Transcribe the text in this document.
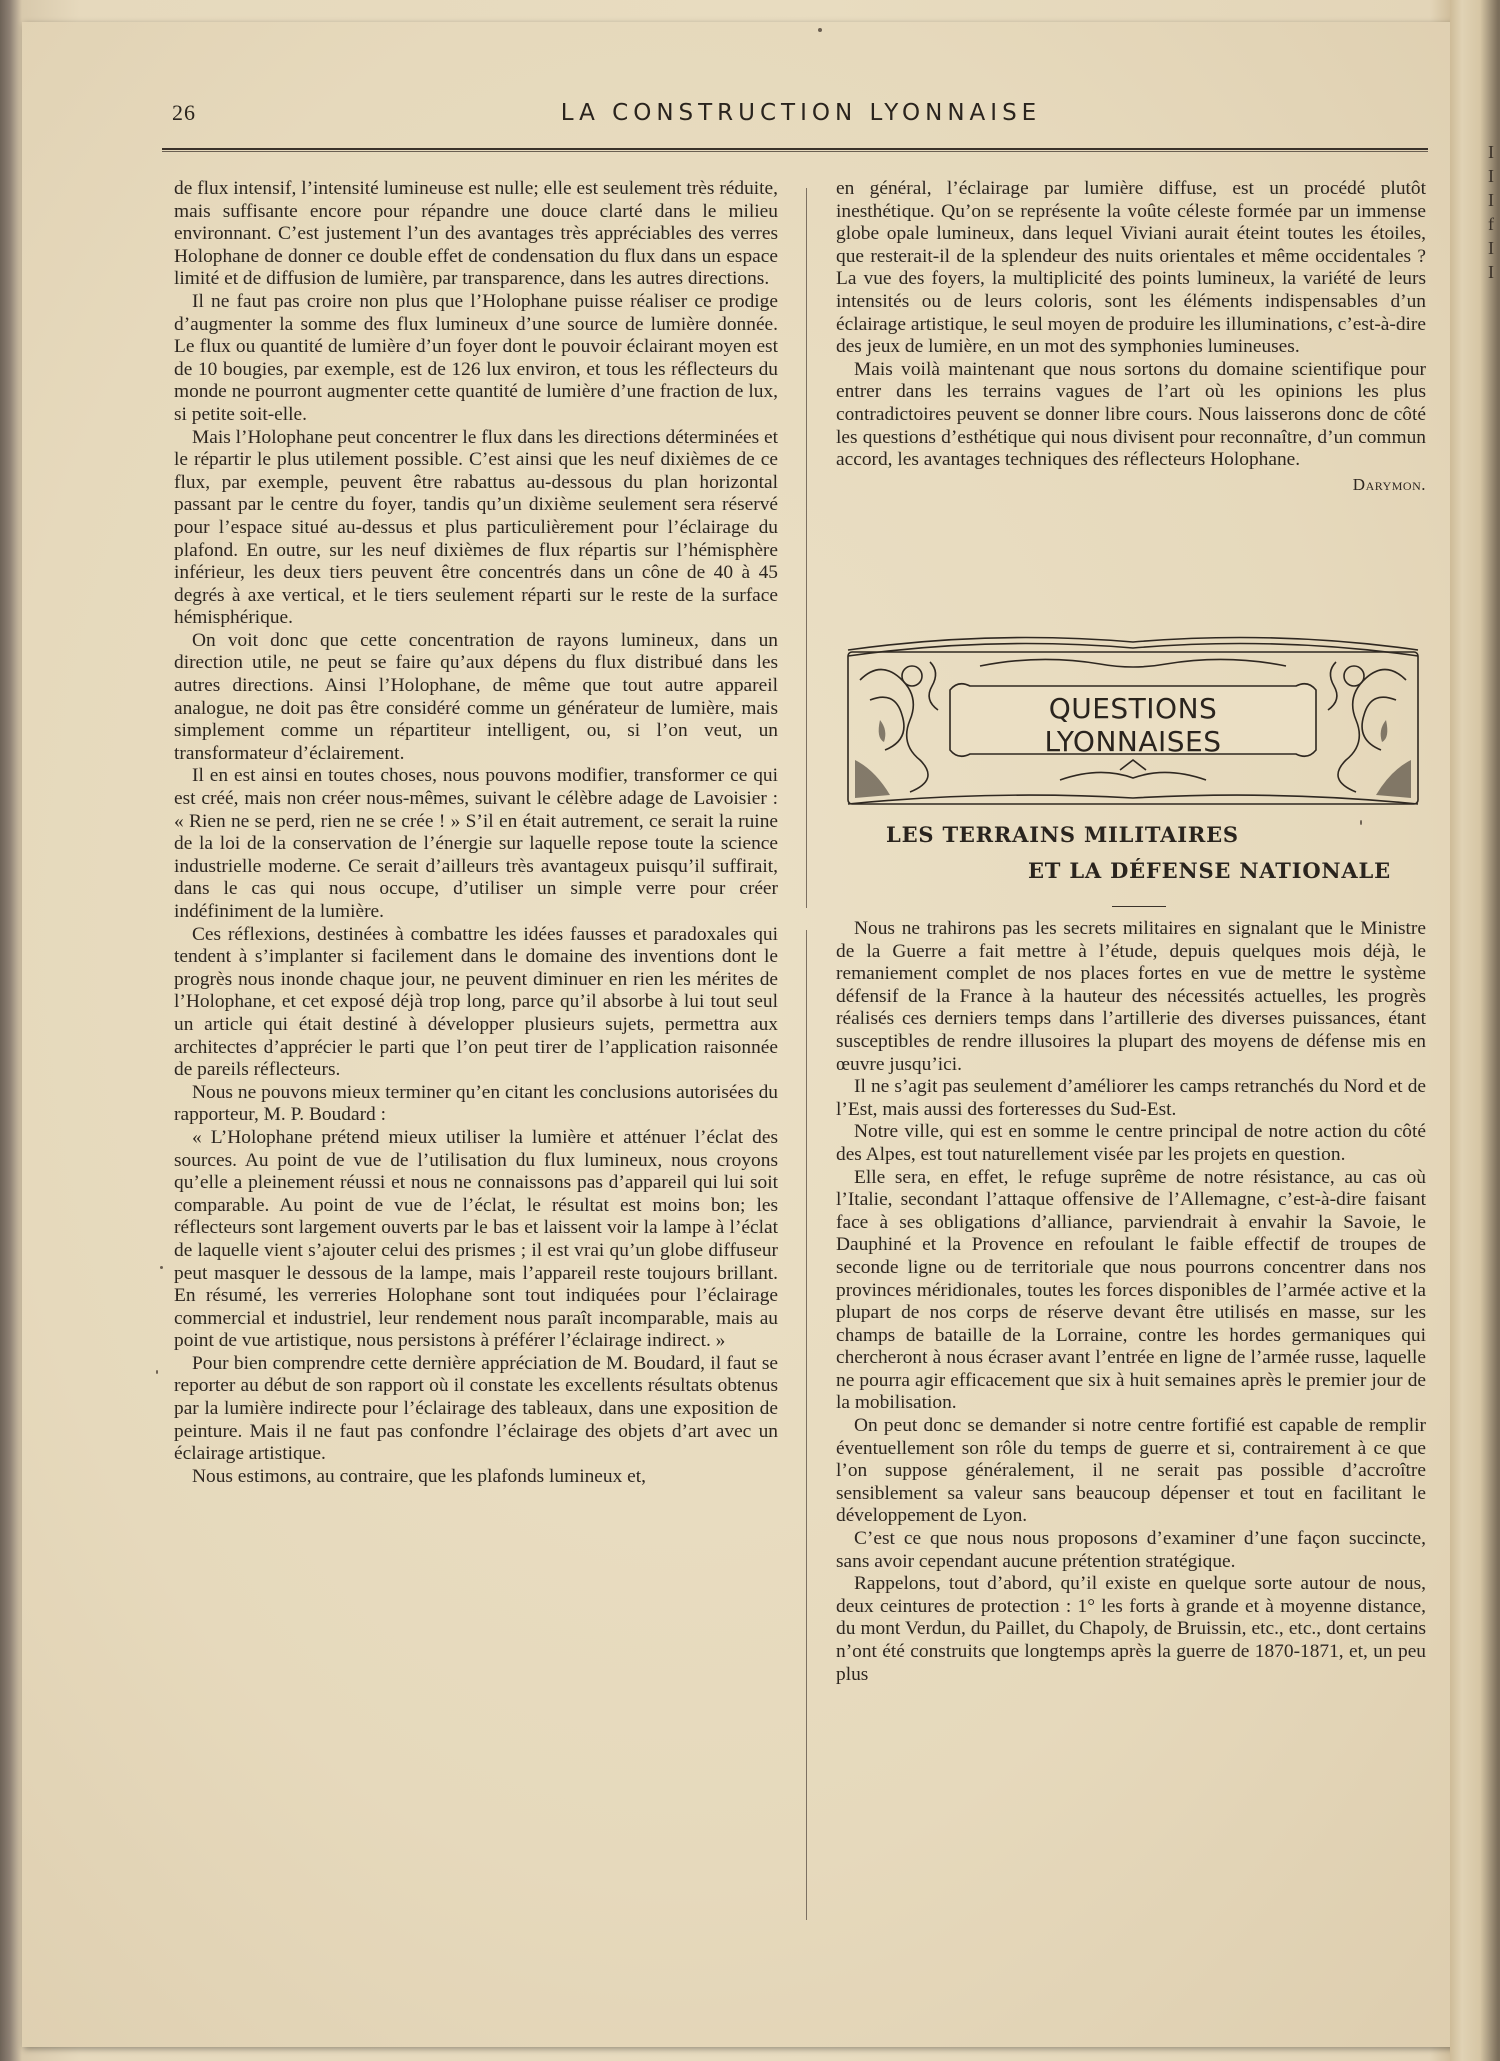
I
I
I
f
I
I
26	LA CONSTRUCTION LYONNAISE

de flux intensif, l’intensité lumineuse est nulle; elle est seulement très réduite, mais suffisante encore pour répandre une douce clarté dans le milieu environnant. C’est justement l’un des avantages très appréciables des verres Holophane de donner ce double effet de condensation du flux dans un espace limité et de diffusion de lumière, par transparence, dans les autres directions.

Il ne faut pas croire non plus que l’Holophane puisse réaliser ce prodige d’augmenter la somme des flux lumineux d’une source de lumière donnée. Le flux ou quantité de lumière d’un foyer dont le pouvoir éclairant moyen est de 10 bougies, par exemple, est de 126 lux environ, et tous les réflecteurs du monde ne pourront augmenter cette quantité de lumière d’une fraction de lux, si petite soit-elle.

Mais l’Holophane peut concentrer le flux dans les directions déterminées et le répartir le plus utilement possible. C’est ainsi que les neuf dixièmes de ce flux, par exemple, peuvent être rabattus au-dessous du plan horizontal passant par le centre du foyer, tandis qu’un dixième seulement sera réservé pour l’espace situé au-dessus et plus particulièrement pour l’éclairage du plafond. En outre, sur les neuf dixièmes de flux répartis sur l’hémisphère inférieur, les deux tiers peuvent être concentrés dans un cône de 40 à 45 degrés à axe vertical, et le tiers seulement réparti sur le reste de la surface hémisphérique.

On voit donc que cette concentration de rayons lumineux, dans un direction utile, ne peut se faire qu’aux dépens du flux distribué dans les autres directions. Ainsi l’Holophane, de même que tout autre appareil analogue, ne doit pas être considéré comme un générateur de lumière, mais simplement comme un répartiteur intelligent, ou, si l’on veut, un transformateur d’éclairement.

Il en est ainsi en toutes choses, nous pouvons modifier, transformer ce qui est créé, mais non créer nous-mêmes, suivant le célèbre adage de Lavoisier : « Rien ne se perd, rien ne se crée ! » S’il en était autrement, ce serait la ruine de la loi de la conservation de l’énergie sur laquelle repose toute la science industrielle moderne. Ce serait d’ailleurs très avantageux puisqu’il suffirait, dans le cas qui nous occupe, d’utiliser un simple verre pour créer indéfiniment de la lumière.

Ces réflexions, destinées à combattre les idées fausses et paradoxales qui tendent à s’implanter si facilement dans le domaine des inventions dont le progrès nous inonde chaque jour, ne peuvent diminuer en rien les mérites de l’Holophane, et cet exposé déjà trop long, parce qu’il absorbe à lui tout seul un article qui était destiné à développer plusieurs sujets, permettra aux architectes d’apprécier le parti que l’on peut tirer de l’application raisonnée de pareils réflecteurs.

Nous ne pouvons mieux terminer qu’en citant les conclusions autorisées du rapporteur, M. P. Boudard :

« L’Holophane prétend mieux utiliser la lumière et atténuer l’éclat des sources. Au point de vue de l’utilisation du flux lumineux, nous croyons qu’elle a pleinement réussi et nous ne connaissons pas d’appareil qui lui soit comparable. Au point de vue de l’éclat, le résultat est moins bon; les réflecteurs sont largement ouverts par le bas et laissent voir la lampe à l’éclat de laquelle vient s’ajouter celui des prismes ; il est vrai qu’un globe diffuseur peut masquer le dessous de la lampe, mais l’appareil reste toujours brillant. En résumé, les verreries Holophane sont tout indiquées pour l’éclairage commercial et industriel, leur rendement nous paraît incomparable, mais au point de vue artistique, nous persistons à préférer l’éclairage indirect. »

Pour bien comprendre cette dernière appréciation de M. Boudard, il faut se reporter au début de son rapport où il constate les excellents résultats obtenus par la lumière indirecte pour l’éclairage des tableaux, dans une exposition de peinture. Mais il ne faut pas confondre l’éclairage des objets d’art avec un éclairage artistique.

Nous estimons, au contraire, que les plafonds lumineux et,

en général, l’éclairage par lumière diffuse, est un procédé plutôt inesthétique. Qu’on se représente la voûte céleste formée par un immense globe opale lumineux, dans lequel Viviani aurait éteint toutes les étoiles, que resterait-il de la splendeur des nuits orientales et même occidentales ? La vue des foyers, la multiplicité des points lumineux, la variété de leurs intensités ou de leurs coloris, sont les éléments indispensables d’un éclairage artistique, le seul moyen de produire les illuminations, c’est-à-dire des jeux de lumière, en un mot des symphonies lumineuses.

Mais voilà maintenant que nous sortons du domaine scientifique pour entrer dans les terrains vagues de l’art où les opinions les plus contradictoires peuvent se donner libre cours. Nous laisserons donc de côté les questions d’esthétique qui nous divisent pour reconnaître, d’un commun accord, les avantages techniques des réflecteurs Holophane.

Darymon.
QUESTIONS LYONNAISES
LES TERRAINS MILITAIRES
ET LA DÉFENSE NATIONALE

Nous ne trahirons pas les secrets militaires en signalant que le Ministre de la Guerre a fait mettre à l’étude, depuis quelques mois déjà, le remaniement complet de nos places fortes en vue de mettre le système défensif de la France à la hauteur des nécessités actuelles, les progrès réalisés ces derniers temps dans l’artillerie des diverses puissances, étant susceptibles de rendre illusoires la plupart des moyens de défense mis en œuvre jusqu’ici.

Il ne s’agit pas seulement d’améliorer les camps retranchés du Nord et de l’Est, mais aussi des forteresses du Sud-Est.

Notre ville, qui est en somme le centre principal de notre action du côté des Alpes, est tout naturellement visée par les projets en question.

Elle sera, en effet, le refuge suprême de notre résistance, au cas où l’Italie, secondant l’attaque offensive de l’Allemagne, c’est-à-dire faisant face à ses obligations d’alliance, parviendrait à envahir la Savoie, le Dauphiné et la Provence en refoulant le faible effectif de troupes de seconde ligne ou de territoriale que nous pourrons concentrer dans nos provinces méridionales, toutes les forces disponibles de l’armée active et la plupart de nos corps de réserve devant être utilisés en masse, sur les champs de bataille de la Lorraine, contre les hordes germaniques qui chercheront à nous écraser avant l’entrée en ligne de l’armée russe, laquelle ne pourra agir efficacement que six à huit semaines après le premier jour de la mobilisation.

On peut donc se demander si notre centre fortifié est capable de remplir éventuellement son rôle du temps de guerre et si, contrairement à ce que l’on suppose généralement, il ne serait pas possible d’accroître sensiblement sa valeur sans beaucoup dépenser et tout en facilitant le développement de Lyon.

C’est ce que nous nous proposons d’examiner d’une façon succincte, sans avoir cependant aucune prétention stratégique.

Rappelons, tout d’abord, qu’il existe en quelque sorte autour de nous, deux ceintures de protection : 1° les forts à grande et à moyenne distance, du mont Verdun, du Paillet, du Chapoly, de Bruissin, etc., etc., dont certains n’ont été construits que longtemps après la guerre de 1870-1871, et, un peu plus
